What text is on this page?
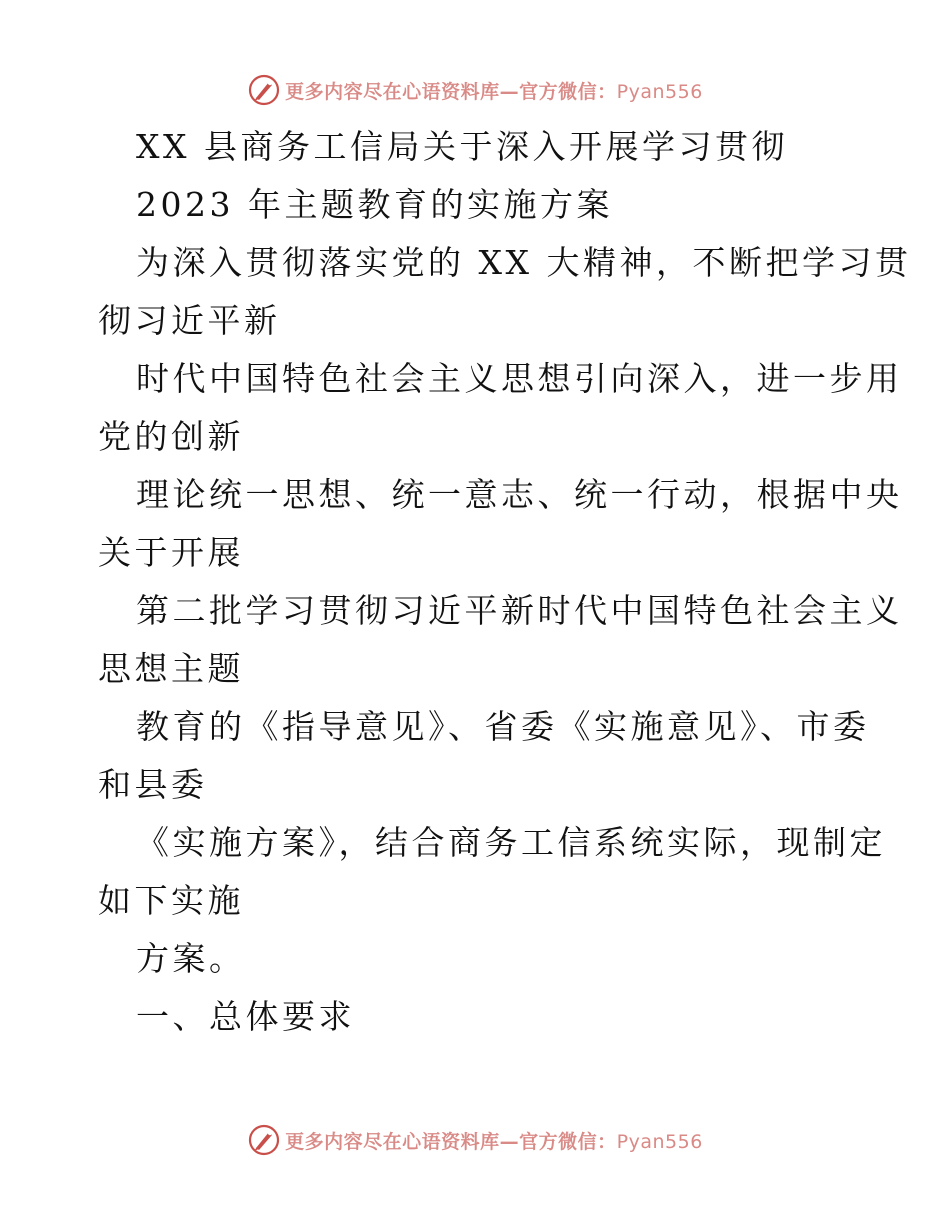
更多内容尽在心语资料库—官方微信：Pyan556
XX 县商务工信局关于深入开展学习贯彻
2023 年主题教育的实施方案
为深入贯彻落实党的 XX 大精神，不断把学习贯
彻习近平新
时代中国特色社会主义思想引向深入，进一步用
党的创新
理论统一思想、统一意志、统一行动，根据中央
关于开展
第二批学习贯彻习近平新时代中国特色社会主义
思想主题
教育的《指导意见》、省委《实施意见》、市委
和县委
《实施方案》，结合商务工信系统实际，现制定
如下实施
方案。
一、总体要求
更多内容尽在心语资料库—官方微信：Pyan556
